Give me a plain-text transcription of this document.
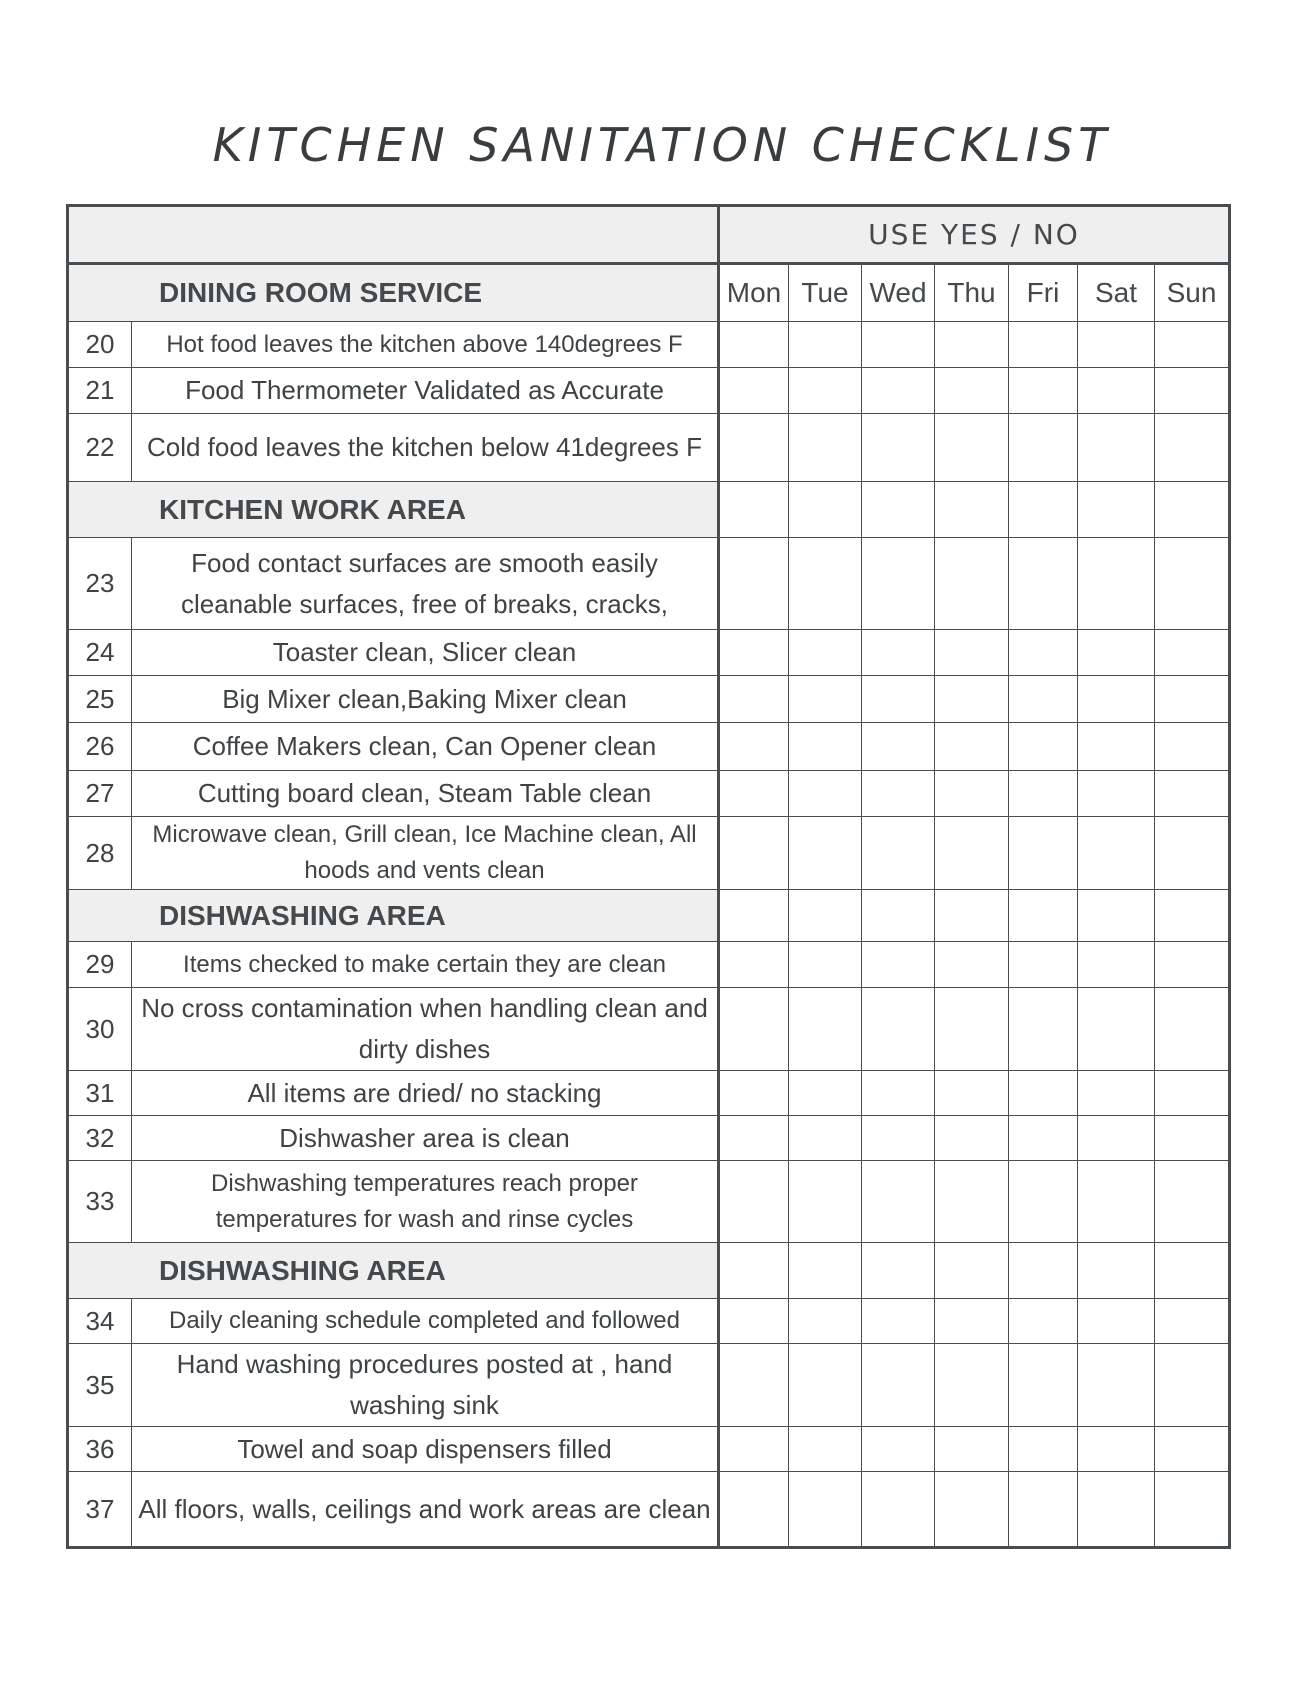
KITCHEN SANITATION CHECKLIST
		USE YES / NO						
DINING ROOM SERVICE		Mon	Tue	Wed	Thu	Fri	Sat	Sun
20	Hot food leaves the kitchen above 140degrees F							
21	Food Thermometer Validated as Accurate							
22	Cold food leaves the kitchen below 41degrees F							
KITCHEN WORK AREA								
23	Food contact surfaces are smooth easily cleanable surfaces, free of breaks, cracks,							
24	Toaster clean, Slicer clean							
25	Big Mixer clean,Baking Mixer clean							
26	Coffee Makers clean, Can Opener clean							
27	Cutting board clean, Steam Table clean							
28	Microwave clean, Grill clean, Ice Machine clean, All hoods and vents clean							
DISHWASHING AREA								
29	Items checked to make certain they are clean							
30	No cross contamination when handling clean and dirty dishes							
31	All items are dried/ no stacking							
32	Dishwasher area is clean							
33	Dishwashing temperatures reach proper temperatures for wash and rinse cycles							
DISHWASHING AREA								
34	Daily cleaning schedule completed and followed							
35	Hand washing procedures posted at , hand washing sink							
36	Towel and soap dispensers filled							
37	All floors, walls, ceilings and work areas are clean							
